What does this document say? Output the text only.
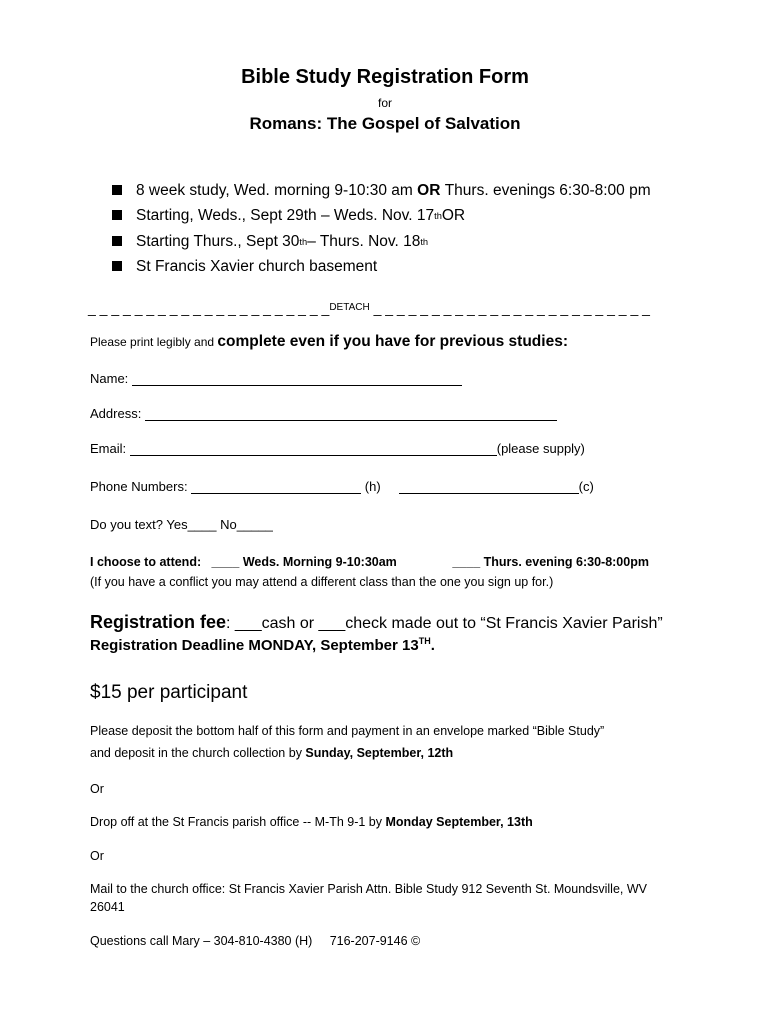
Bible Study Registration Form
for
Romans: The Gospel of Salvation
8 week study, Wed. morning 9-10:30 am
OR
Thurs. evenings 6:30-8:00 pm
Starting, Weds., Sept 29th – Weds. Nov. 17 th OR
Starting Thurs., Sept 30 th – Thurs. Nov. 18 th
St Francis Xavier church basement
_ _ _ _ _ _ _ _ _ _ _ _ _ _ _ _ _ _ _ _ _$^{DETACH}$ _ _ _ _ _ _ _ _ _ _ _ _ _ _ _ _ _ _ _ _ _ _ _ _
Please print legibly and complete even if you have for previous studies:
Name:
Address:
Email:	(please supply)
Phone Numbers:	(h)	(c)
Do you text? Yes____ No_____
I choose to attend:   ____ Weds. Morning 9-10:30am                ____ Thurs. evening 6:30-8:00pm
(If you have a conflict you may attend a different class than the one you sign up for.)
Registration fee: ___cash or ___check made out to “St Francis Xavier Parish”
Registration Deadline MONDAY, September 13TH.
$15 per participant
Please deposit the bottom half of this form and payment in an envelope marked “Bible Study”
and deposit in the church collection by Sunday, September, 12th
Or
Drop off at the St Francis parish office -- M-Th 9-1 by Monday September, 13th
Or
Mail to the church office: St Francis Xavier Parish Attn. Bible Study 912 Seventh St. Moundsville, WV
26041
Questions call Mary – 304-810-4380 (H)     716-207-9146 ©
